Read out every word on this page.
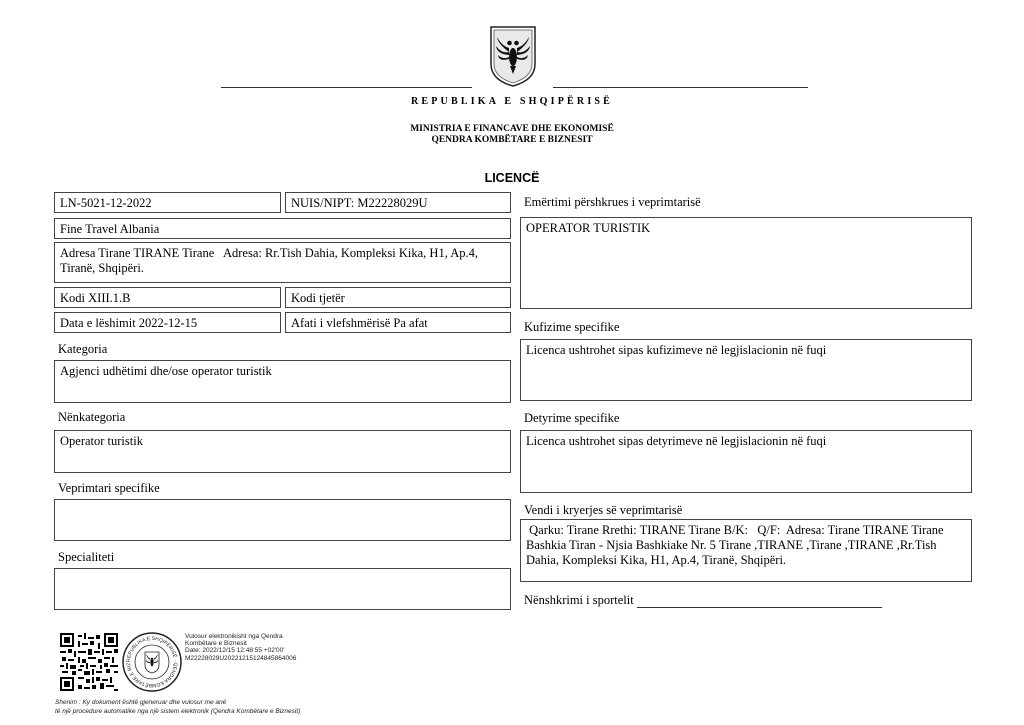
REPUBLIKA E SHQIPËRISË
MINISTRIA E FINANCAVE DHE EKONOMISË
QENDRA KOMBËTARE E BIZNESIT
LICENCË
LN-5021-12-2022	NUIS/NIPT: M22228029U
Fine Travel Albania
Adresa Tirane TIRANE Tirane   Adresa: Rr.Tish Dahia, Kompleksi Kika, H1, Ap.4, Tiranë, Shqipëri.
Kodi XIII.1.B	Kodi tjetër
Data e lëshimit 2022-12-15	Afati i vlefshmërisë Pa afat
Kategoria
Agjenci udhëtimi dhe/ose operator turistik
Nënkategoria
Operator turistik
Veprimtari specifike
Specialiteti
Emërtimi përshkrues i veprimtarisë
OPERATOR TURISTIK
Kufizime specifike
Licenca ushtrohet sipas kufizimeve në legjislacionin në fuqi
Detyrime specifike
Licenca ushtrohet sipas detyrimeve në legjislacionin në fuqi
Vendi i kryerjes së veprimtarisë
Qarku: Tirane Rrethi: TIRANE Tirane B/K:   Q/F:  Adresa: Tirane TIRANE Tirane Bashkia Tiran - Njsia Bashkiake Nr. 5 Tirane ,TIRANE ,Tirane ,TIRANE ,Rr.Tish Dahia, Kompleksi Kika, H1, Ap.4, Tiranë, Shqipëri.
Nënshkrimi i sportelit
REPUBLIKA E SHQIPËRISË · QENDRA KOMBËTARE E BIZ
Vulosur elektronikisht nga Qendra
Kombëtare e Biznesit
Date: 2022/12/15 12:48:55 +02'00'
M22228029U20221215124845864006
Shenim : Ky dokument është gjeneruar dhe vulosur me anë
të një procedure automatike nga një sistem elektronik (Qendra Kombëtare e Biznesit)
